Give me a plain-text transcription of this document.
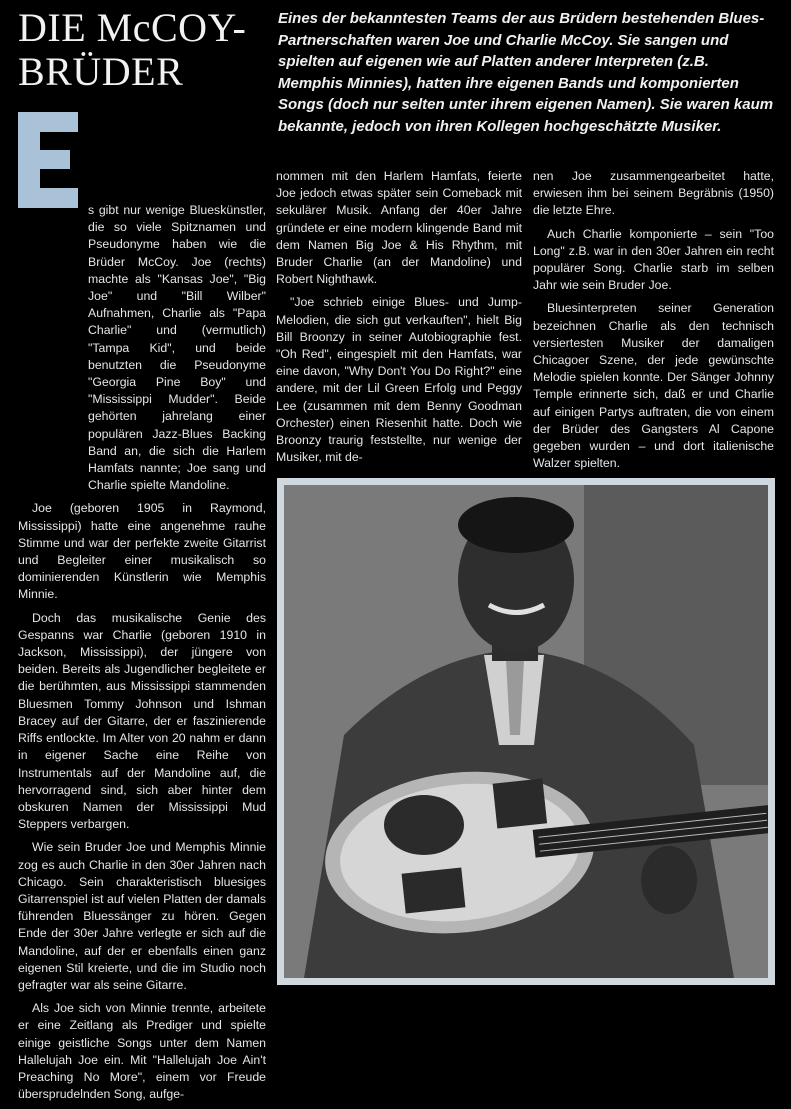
DIE McCOY-
BRÜDER

Eines der bekanntesten Teams der aus Brüdern bestehenden Blues-Partnerschaften waren Joe und Charlie McCoy. Sie sangen und spielten auf eigenen wie auf Platten anderer Interpreten (z.B. Memphis Minnies), hatten ihre eigenen Bands und komponierten Songs (doch nur selten unter ihrem eigenen Namen). Sie waren kaum bekannte, jedoch von ihren Kollegen hochgeschätzte Musiker.

s gibt nur wenige Blueskünstler, die so viele Spitznamen und Pseudonyme haben wie die Brüder McCoy. Joe (rechts) machte als "Kansas Joe", "Big Joe" und "Bill Wilber" Aufnahmen, Charlie als "Papa Charlie" und (vermutlich) "Tampa Kid", und beide benutzten die Pseudonyme "Georgia Pine Boy" und "Mississippi Mudder". Beide gehörten jahrelang einer populären Jazz-Blues Backing Band an, die sich die Harlem Hamfats nannte; Joe sang und Charlie spielte Mandoline.

Joe (geboren 1905 in Raymond, Mississippi) hatte eine angenehme rauhe Stimme und war der perfekte zweite Gitarrist und Begleiter einer musikalisch so dominierenden Künstlerin wie Memphis Minnie.

Doch das musikalische Genie des Gespanns war Charlie (geboren 1910 in Jackson, Mississippi), der jüngere von beiden. Bereits als Jugendlicher begleitete er die berühmten, aus Mississippi stammenden Bluesmen Tommy Johnson und Ishman Bracey auf der Gitarre, der er faszinierende Riffs entlockte. Im Alter von 20 nahm er dann in eigener Sache eine Reihe von Instrumentals auf der Mandoline auf, die hervorragend sind, sich aber hinter dem obskuren Namen der Mississippi Mud Steppers verbargen.

Wie sein Bruder Joe und Memphis Minnie zog es auch Charlie in den 30er Jahren nach Chicago. Sein charakteristisch bluesiges Gitarrenspiel ist auf vielen Platten der damals führenden Bluessänger zu hören. Gegen Ende der 30er Jahre verlegte er sich auf die Mandoline, auf der er ebenfalls einen ganz eigenen Stil kreierte, und die im Studio noch gefragter war als seine Gitarre.

Als Joe sich von Minnie trennte, arbeitete er eine Zeitlang als Prediger und spielte einige geistliche Songs unter dem Namen Hallelujah Joe ein. Mit "Hallelujah Joe Ain't Preaching No More", einem vor Freude übersprudelnden Song, aufge-

nommen mit den Harlem Hamfats, feierte Joe jedoch etwas später sein Comeback mit sekulärer Musik. Anfang der 40er Jahre gründete er eine modern klingende Band mit dem Namen Big Joe & His Rhythm, mit Bruder Charlie (an der Mandoline) und Robert Nighthawk.

"Joe schrieb einige Blues- und Jump-Melodien, die sich gut verkauften", hielt Big Bill Broonzy in seiner Autobiographie fest. "Oh Red", eingespielt mit den Hamfats, war eine davon, "Why Don't You Do Right?" eine andere, mit der Lil Green Erfolg und Peggy Lee (zusammen mit dem Benny Goodman Orchester) einen Riesenhit hatte. Doch wie Broonzy traurig feststellte, nur wenige der Musiker, mit de-

nen Joe zusammengearbeitet hatte, erwiesen ihm bei seinem Begräbnis (1950) die letzte Ehre.

Auch Charlie komponierte – sein "Too Long" z.B. war in den 30er Jahren ein recht populärer Song. Charlie starb im selben Jahr wie sein Bruder Joe.

Bluesinterpreten seiner Generation bezeichnen Charlie als den technisch versiertesten Musiker der damaligen Chicagoer Szene, der jede gewünschte Melodie spielen konnte. Der Sänger Johnny Temple erinnerte sich, daß er und Charlie auf einigen Partys auftraten, die von einem der Brüder des Gangsters Al Capone gegeben wurden – und dort italienische Walzer spielten.
